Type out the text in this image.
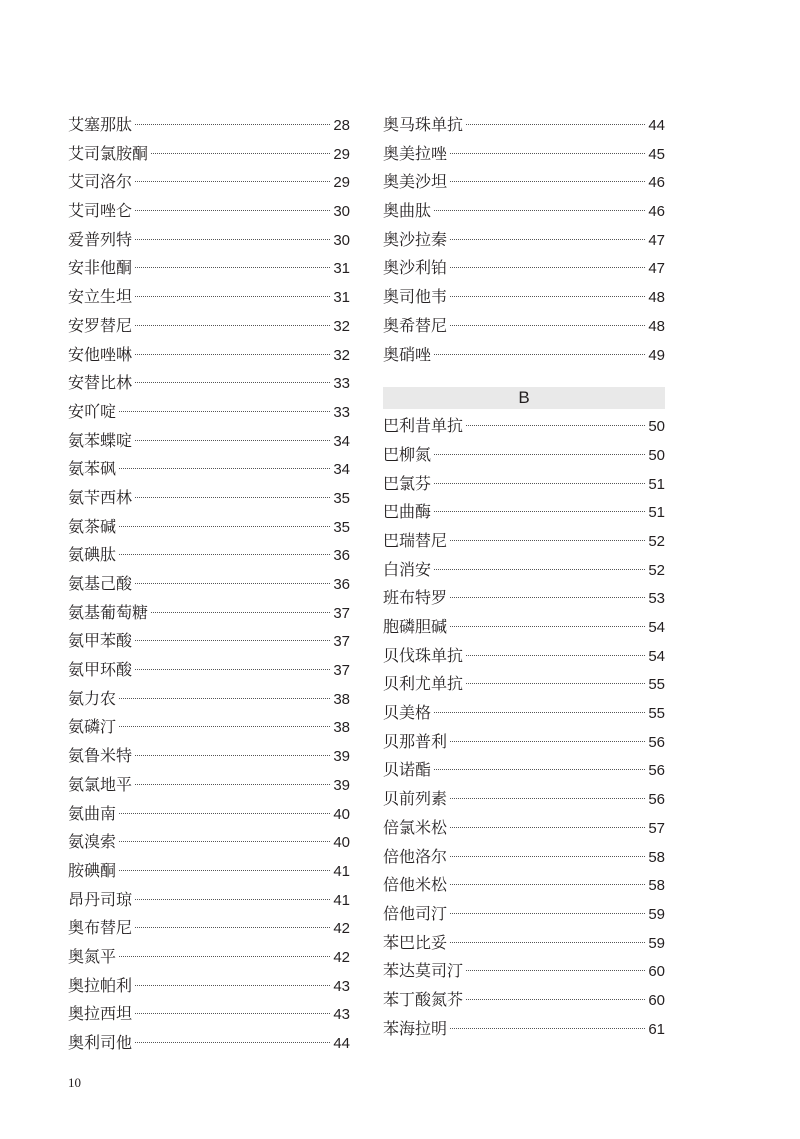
艾塞那肽	28
艾司氯胺酮	29
艾司洛尔	29
艾司唑仑	30
爱普列特	30
安非他酮	31
安立生坦	31
安罗替尼	32
安他唑啉	32
安替比林	33
安吖啶	33
氨苯蝶啶	34
氨苯砜	34
氨苄西林	35
氨茶碱	35
氨碘肽	36
氨基己酸	36
氨基葡萄糖	37
氨甲苯酸	37
氨甲环酸	37
氨力农	38
氨磷汀	38
氨鲁米特	39
氨氯地平	39
氨曲南	40
氨溴索	40
胺碘酮	41
昂丹司琼	41
奥布替尼	42
奥氮平	42
奥拉帕利	43
奥拉西坦	43
奥利司他	44
奥马珠单抗	44
奥美拉唑	45
奥美沙坦	46
奥曲肽	46
奥沙拉秦	47
奥沙利铂	47
奥司他韦	48
奥希替尼	48
奥硝唑	49
B
巴利昔单抗	50
巴柳氮	50
巴氯芬	51
巴曲酶	51
巴瑞替尼	52
白消安	52
班布特罗	53
胞磷胆碱	54
贝伐珠单抗	54
贝利尤单抗	55
贝美格	55
贝那普利	56
贝诺酯	56
贝前列素	56
倍氯米松	57
倍他洛尔	58
倍他米松	58
倍他司汀	59
苯巴比妥	59
苯达莫司汀	60
苯丁酸氮芥	60
苯海拉明	61
10
